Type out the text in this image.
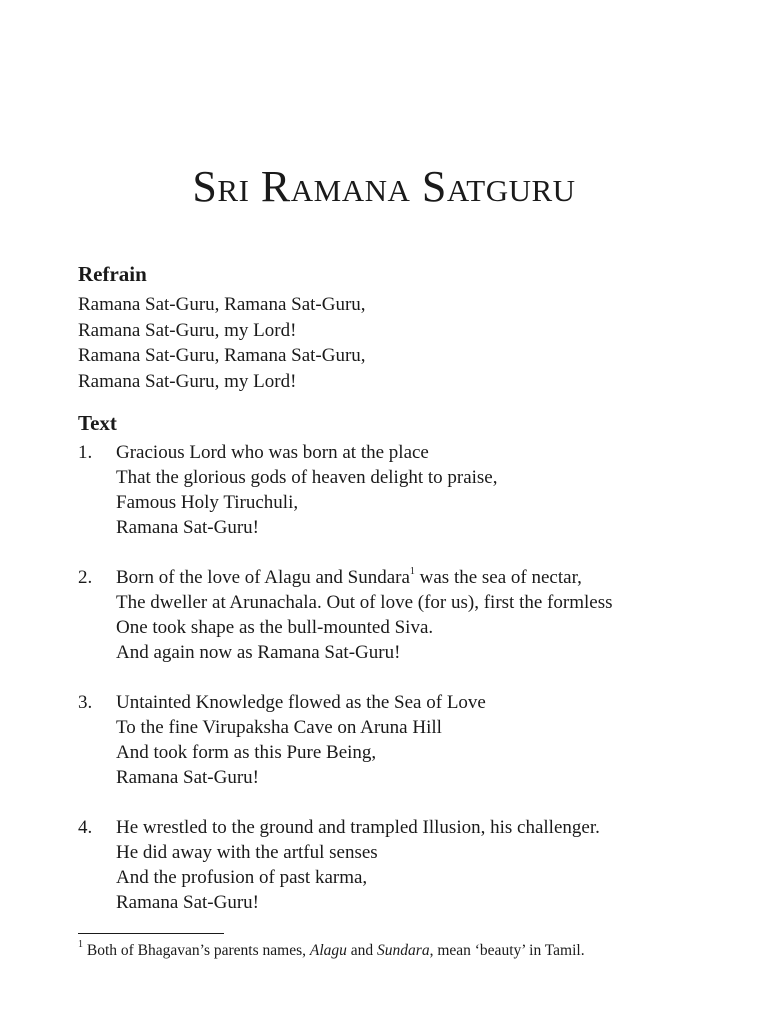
Sri Ramana Satguru
Refrain
Ramana Sat-Guru, Ramana Sat-Guru,
Ramana Sat-Guru, my Lord!
Ramana Sat-Guru, Ramana Sat-Guru,
Ramana Sat-Guru, my Lord!
Text
1.	Gracious Lord who was born at the place
That the glorious gods of heaven delight to praise,
Famous Holy Tiruchuli,
Ramana Sat-Guru!
2.	Born of the love of Alagu and Sundara$^1$ was the sea of nectar,
The dweller at Arunachala. Out of love (for us), first the formless
One took shape as the bull-mounted Siva.
And again now as Ramana Sat-Guru!
3.	Untainted Knowledge flowed as the Sea of Love
To the fine Virupaksha Cave on Aruna Hill
And took form as this Pure Being,
Ramana Sat-Guru!
4.	He wrestled to the ground and trampled Illusion, his challenger.
He did away with the artful senses
And the profusion of past karma,
Ramana Sat-Guru!
$^1$ Both of Bhagavan’s parents names, Alagu and Sundara, mean ‘beauty’ in Tamil.
